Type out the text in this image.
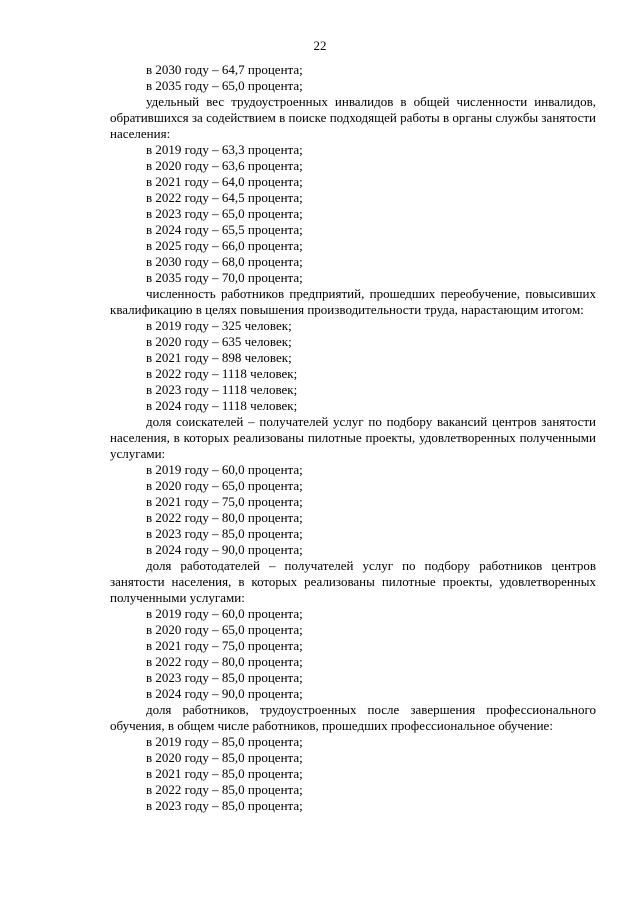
22
в 2030 году – 64,7 процента;
в 2035 году – 65,0 процента;
удельный вес трудоустроенных инвалидов в общей численности инвалидов, обратившихся за содействием в поиске подходящей работы в органы службы занятости населения:
в 2019 году – 63,3 процента;
в 2020 году – 63,6 процента;
в 2021 году – 64,0 процента;
в 2022 году – 64,5 процента;
в 2023 году – 65,0 процента;
в 2024 году – 65,5 процента;
в 2025 году – 66,0 процента;
в 2030 году – 68,0 процента;
в 2035 году – 70,0 процента;
численность работников предприятий, прошедших переобучение, повысивших квалификацию в целях повышения производительности труда, нарастающим итогом:
в 2019 году – 325 человек;
в 2020 году – 635 человек;
в 2021 году – 898 человек;
в 2022 году – 1118 человек;
в 2023 году – 1118 человек;
в 2024 году – 1118 человек;
доля соискателей – получателей услуг по подбору вакансий центров занятости населения, в которых реализованы пилотные проекты, удовлетворенных полученными услугами:
в 2019 году – 60,0 процента;
в 2020 году – 65,0 процента;
в 2021 году – 75,0 процента;
в 2022 году – 80,0 процента;
в 2023 году – 85,0 процента;
в 2024 году – 90,0 процента;
доля работодателей – получателей услуг по подбору работников центров занятости населения, в которых реализованы пилотные проекты, удовлетворенных полученными услугами:
в 2019 году – 60,0 процента;
в 2020 году – 65,0 процента;
в 2021 году – 75,0 процента;
в 2022 году – 80,0 процента;
в 2023 году – 85,0 процента;
в 2024 году – 90,0 процента;
доля работников, трудоустроенных после завершения профессионального обучения, в общем числе работников, прошедших профессиональное обучение:
в 2019 году – 85,0 процента;
в 2020 году – 85,0 процента;
в 2021 году – 85,0 процента;
в 2022 году – 85,0 процента;
в 2023 году – 85,0 процента;
